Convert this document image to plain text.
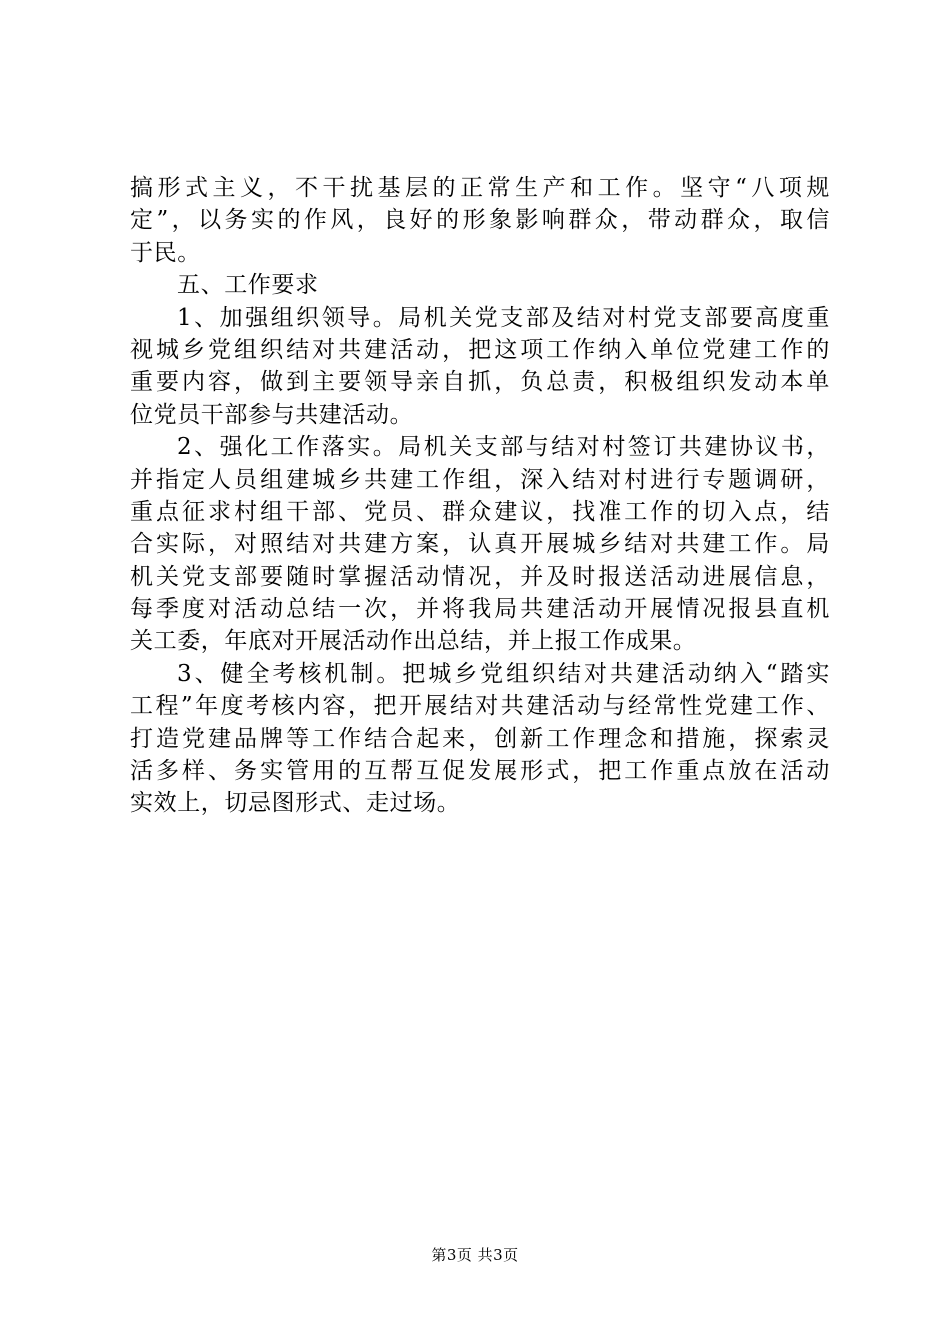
搞形式主义，不干扰基层的正常生产和工作。坚守“八项规
定”，以务实的作风，良好的形象影响群众，带动群众，取信
于民。
五、工作要求
1、加强组织领导。局机关党支部及结对村党支部要高度重
视城乡党组织结对共建活动，把这项工作纳入单位党建工作的
重要内容，做到主要领导亲自抓，负总责，积极组织发动本单
位党员干部参与共建活动。
2、强化工作落实。局机关支部与结对村签订共建协议书，
并指定人员组建城乡共建工作组，深入结对村进行专题调研，
重点征求村组干部、党员、群众建议，找准工作的切入点，结
合实际，对照结对共建方案，认真开展城乡结对共建工作。局
机关党支部要随时掌握活动情况，并及时报送活动进展信息，
每季度对活动总结一次，并将我局共建活动开展情况报县直机
关工委，年底对开展活动作出总结，并上报工作成果。
3、健全考核机制。把城乡党组织结对共建活动纳入“踏实
工程”年度考核内容，把开展结对共建活动与经常性党建工作、
打造党建品牌等工作结合起来，创新工作理念和措施，探索灵
活多样、务实管用的互帮互促发展形式，把工作重点放在活动
实效上，切忌图形式、走过场。
第3页 共3页
